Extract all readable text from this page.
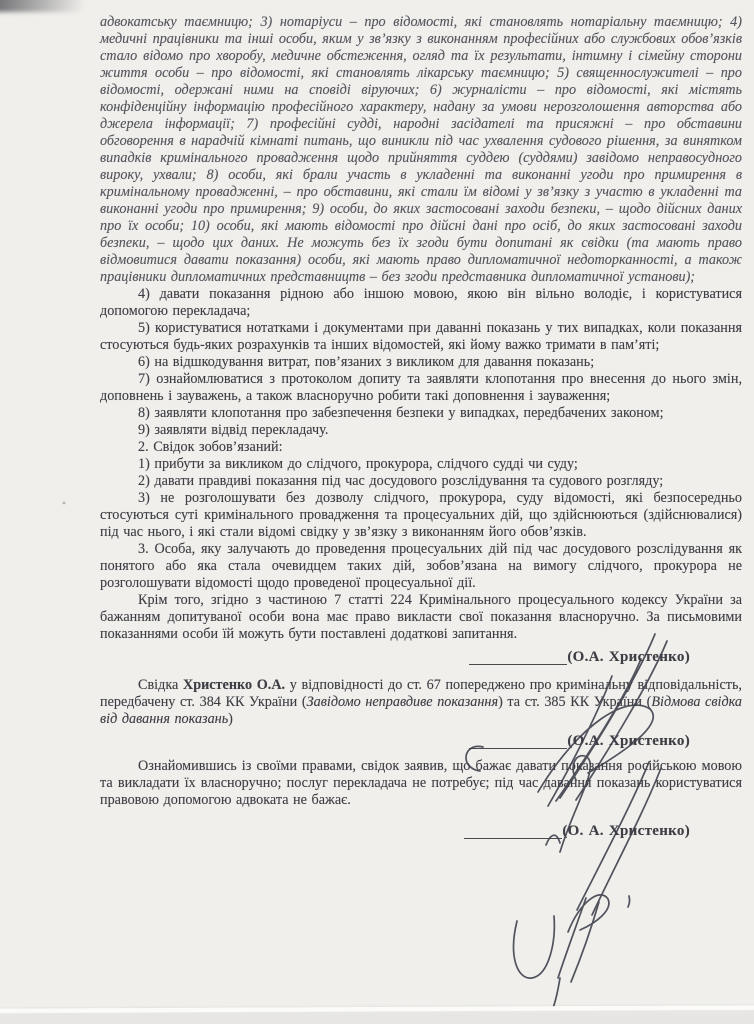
адвокатську таємницю; 3) нотаріуси – про відомості, які становлять нотаріальну таємницю; 4) медичні працівники та інші особи, яким у зв’язку з виконанням професійних або службових обов’язків стало відомо про хворобу, медичне обстеження, огляд та їх результати, інтимну і сімейну сторони життя особи – про відомості, які становлять лікарську таємницю; 5) священнослужителі – про відомості, одержані ними на сповіді віруючих; 6) журналісти – про відомості, які містять конфіденційну інформацію професійного характеру, надану за умови нерозголошення авторства або джерела інформації; 7) професійні судді, народні засідателі та присяжні – про обставини обговорення в нарадчій кімнаті питань, що виникли під час ухвалення судового рішення, за винятком випадків кримінального провадження щодо прийняття суддею (суддями) завідомо неправосудного вироку, ухвали; 8) особи, які брали участь в укладенні та виконанні угоди про примирення в кримінальному провадженні, – про обставини, які стали їм відомі у зв’язку з участю в укладенні та виконанні угоди про примирення; 9) особи, до яких застосовані заходи безпеки, – щодо дійсних даних про їх особи; 10) особи, які мають відомості про дійсні дані про осіб, до яких застосовані заходи безпеки, – щодо цих даних. Не можуть без їх згоди бути допитані як свідки (та мають право відмовитися давати показання) особи, які мають право дипломатичної недоторканності, а також працівники дипломатичних представництв – без згоди представника дипломатичної установи);

4) давати показання рідною або іншою мовою, якою він вільно володіє, і користуватися допомогою перекладача;

5) користуватися нотатками і документами при даванні показань у тих випадках, коли показання стосуються будь-яких розрахунків та інших відомостей, які йому важко тримати в пам’яті;

6) на відшкодування витрат, пов’язаних з викликом для давання показань;

7) ознайомлюватися з протоколом допиту та заявляти клопотання про внесення до нього змін, доповнень і зауважень, а також власноручно робити такі доповнення і зауваження;

8) заявляти клопотання про забезпечення безпеки у випадках, передбачених законом;

9) заявляти відвід перекладачу.

2. Свідок зобов’язаний:

1) прибути за викликом до слідчого, прокурора, слідчого судді чи суду;

2) давати правдиві показання під час досудового розслідування та судового розгляду;

3) не розголошувати без дозволу слідчого, прокурора, суду відомості, які безпосередньо стосуються суті кримінального провадження та процесуальних дій, що здійснюються (здійснювалися) під час нього, і які стали відомі свідку у зв’язку з виконанням його обов’язків.

3. Особа, яку залучають до проведення процесуальних дій під час досудового розслідування як понятого або яка стала очевидцем таких дій, зобов’язана на вимогу слідчого, прокурора не розголошувати відомості щодо проведеної процесуальної дії.

Крім того, згідно з частиною 7 статті 224 Кримінального процесуального кодексу України за бажанням допитуваної особи вона має право викласти свої показання власноручно. За письмовими показаннями особи їй можуть бути поставлені додаткові запитання.

(О.А. Христенко)

Свідка Христенко О.А. у відповідності до ст. 67 попереджено про кримінальну відповідальність, передбачену ст. 384 КК України (Завідомо неправдиве показання) та ст. 385 КК України (Відмова свідка від давання показань)

(О.А. Христенко)

Ознайомившись із своїми правами, свідок заявив, що бажає давати показання російською мовою та викладати їх власноручно; послуг перекладача не потребує; під час давання показань користуватися правовою допомогою адвоката не бажає.

(О. А. Христенко)
